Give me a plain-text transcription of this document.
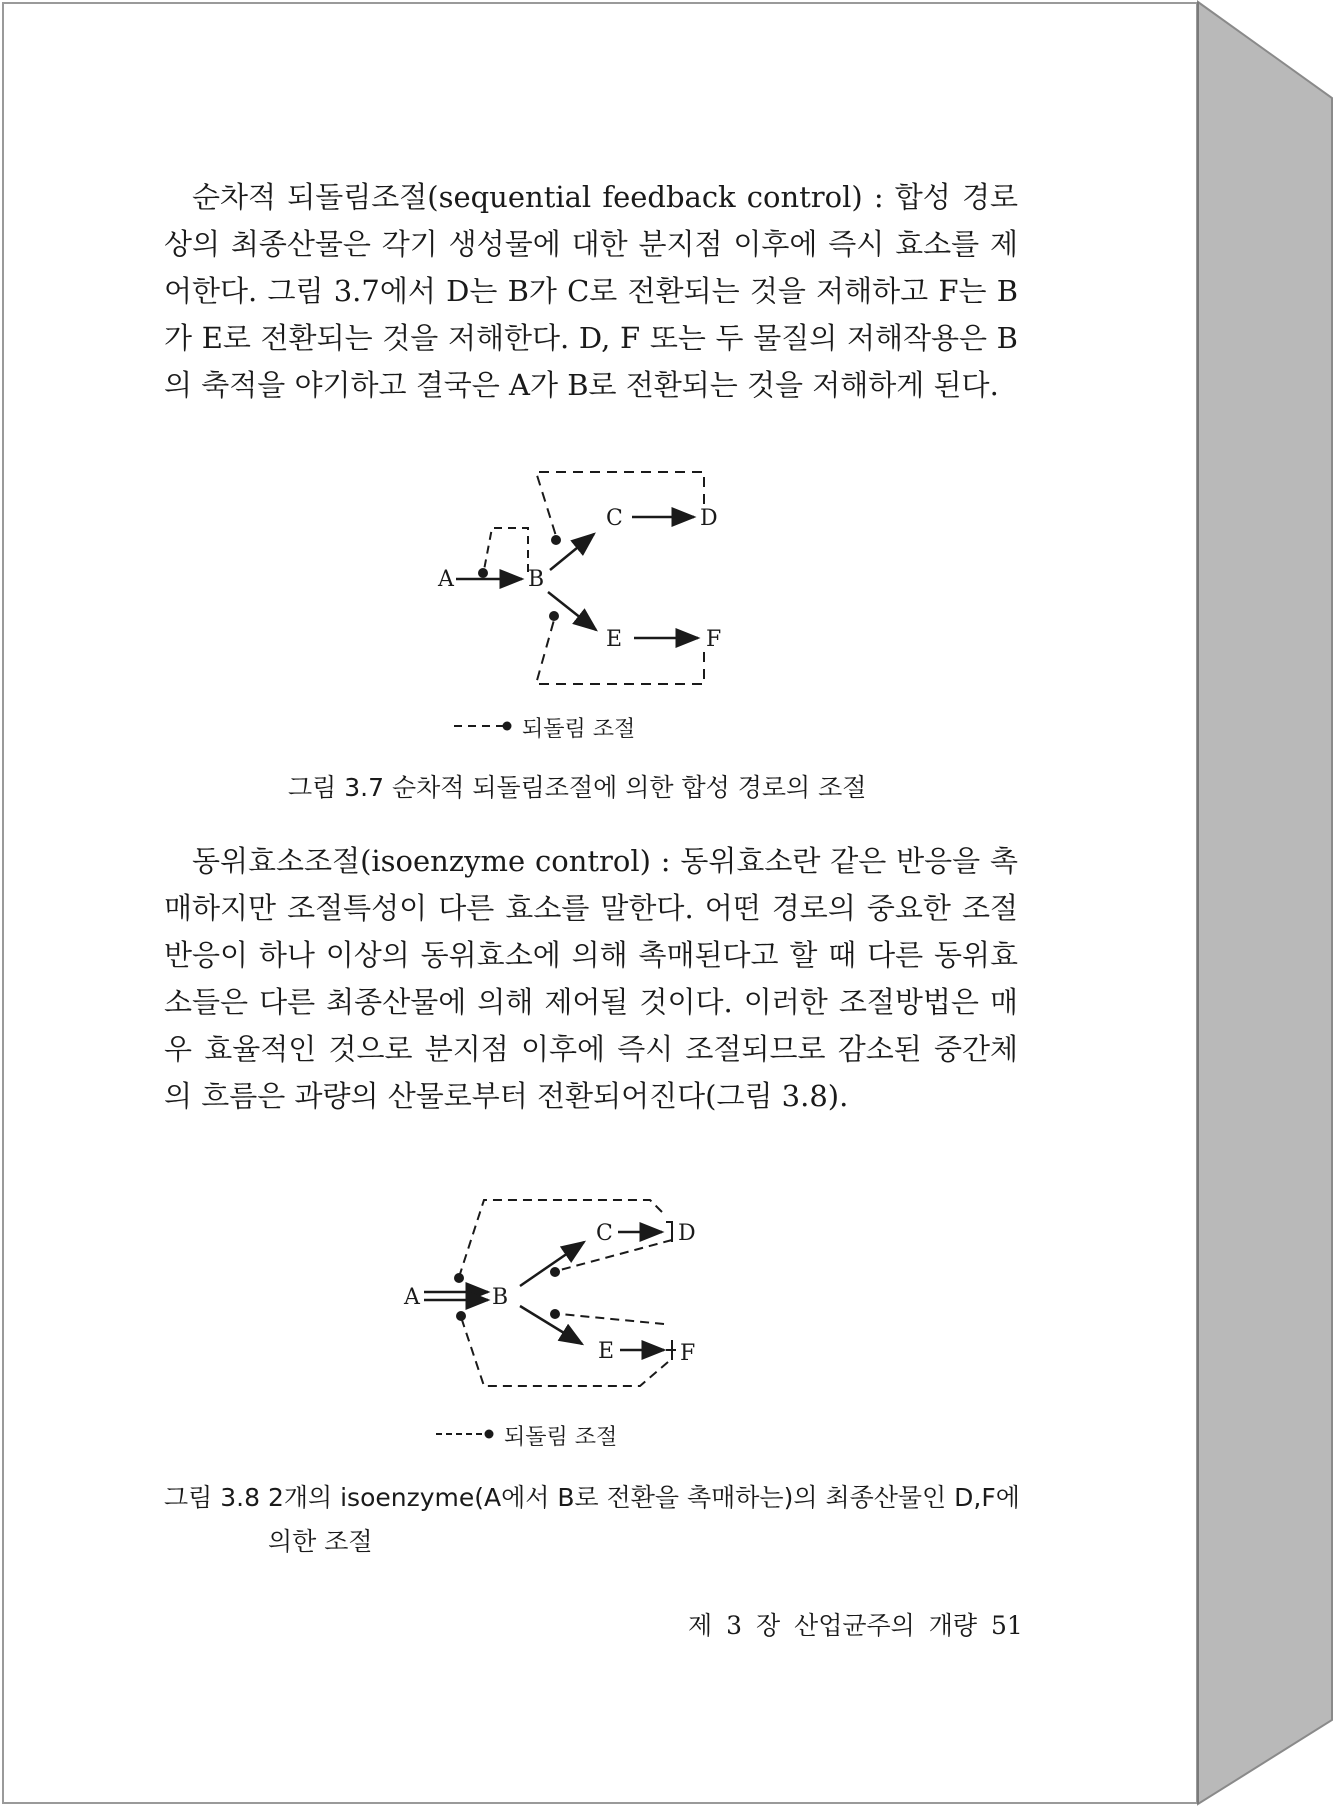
순차적 되돌림조절(sequential feedback control) : 합성 경로상의 최종산물은 각기 생성물에 대한 분지점 이후에 즉시 효소를 제어한다. 그림 3.7에서 D는 B가 C로 전환되는 것을 저해하고 F는 B가 E로 전환되는 것을 저해한다. D, F 또는 두 물질의 저해작용은 B의 축적을 야기하고 결국은 A가 B로 전환되는 것을 저해하게 된다.

A	B
C	D
E	F
되돌림 조절

그림 3.7 순차적 되돌림조절에 의한 합성 경로의 조절

동위효소조절(isoenzyme control) : 동위효소란 같은 반응을 촉매하지만 조절특성이 다른 효소를 말한다. 어떤 경로의 중요한 조절반응이 하나 이상의 동위효소에 의해 촉매된다고 할 때 다른 동위효소들은 다른 최종산물에 의해 제어될 것이다. 이러한 조절방법은 매우 효율적인 것으로 분지점 이후에 즉시 조절되므로 감소된 중간체의 흐름은 과량의 산물로부터 전환되어진다(그림 3.8).

A	B
C	D
E	F
되돌림 조절

그림 3.8 2개의 isoenzyme(A에서 B로 전환을 촉매하는)의 최종산물인 D,F에

의한 조절

제 3 장 산업균주의 개량 51
